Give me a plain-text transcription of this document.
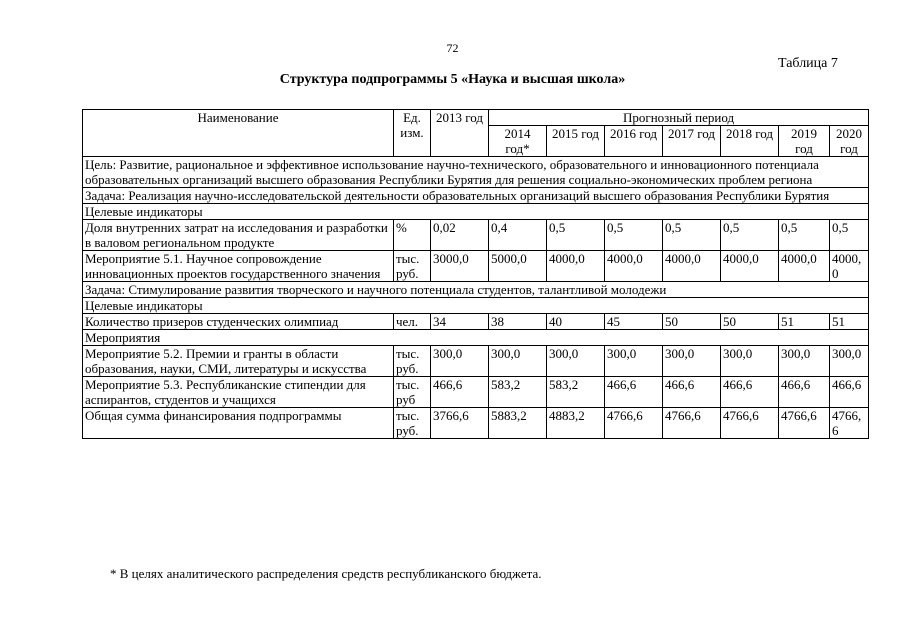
72
Таблица 7
Структура подпрограммы 5 «Наука и высшая школа»
Наименование	Ед. изм.	2013 год	Прогнозный период						
			2014 год*	2015 год	2016 год	2017 год	2018 год	2019 год	2020 год
Цель: Развитие, рациональное и эффективное использование научно-технического, образовательного и инновационного потенциала образовательных организаций высшего образования Республики Бурятия для решения социально-экономических проблем региона									
Задача: Реализация научно-исследовательской деятельности образовательных организаций высшего образования Республики Бурятия									
Целевые индикаторы									
Доля внутренних затрат на исследования и разработки в валовом региональном продукте	%	0,02	0,4	0,5	0,5	0,5	0,5	0,5	0,5
Мероприятие 5.1. Научное сопровождение инновационных проектов государственного значения	тыс. руб.	3000,0	5000,0	4000,0	4000,0	4000,0	4000,0	4000,0	4000,0
Задача: Стимулирование развития творческого и научного потенциала студентов, талантливой молодежи									
Целевые индикаторы									
Количество призеров студенческих олимпиад	чел.	34	38	40	45	50	50	51	51
Мероприятия									
Мероприятие 5.2. Премии и гранты в области образования, науки, СМИ, литературы и искусства	тыс. руб.	300,0	300,0	300,0	300,0	300,0	300,0	300,0	300,0
Мероприятие 5.3. Республиканские стипендии для аспирантов, студентов и учащихся	тыс. руб	466,6	583,2	583,2	466,6	466,6	466,6	466,6	466,6
Общая сумма финансирования подпрограммы	тыс. руб.	3766,6	5883,2	4883,2	4766,6	4766,6	4766,6	4766,6	4766,6
* В целях аналитического распределения средств республиканского бюджета.
